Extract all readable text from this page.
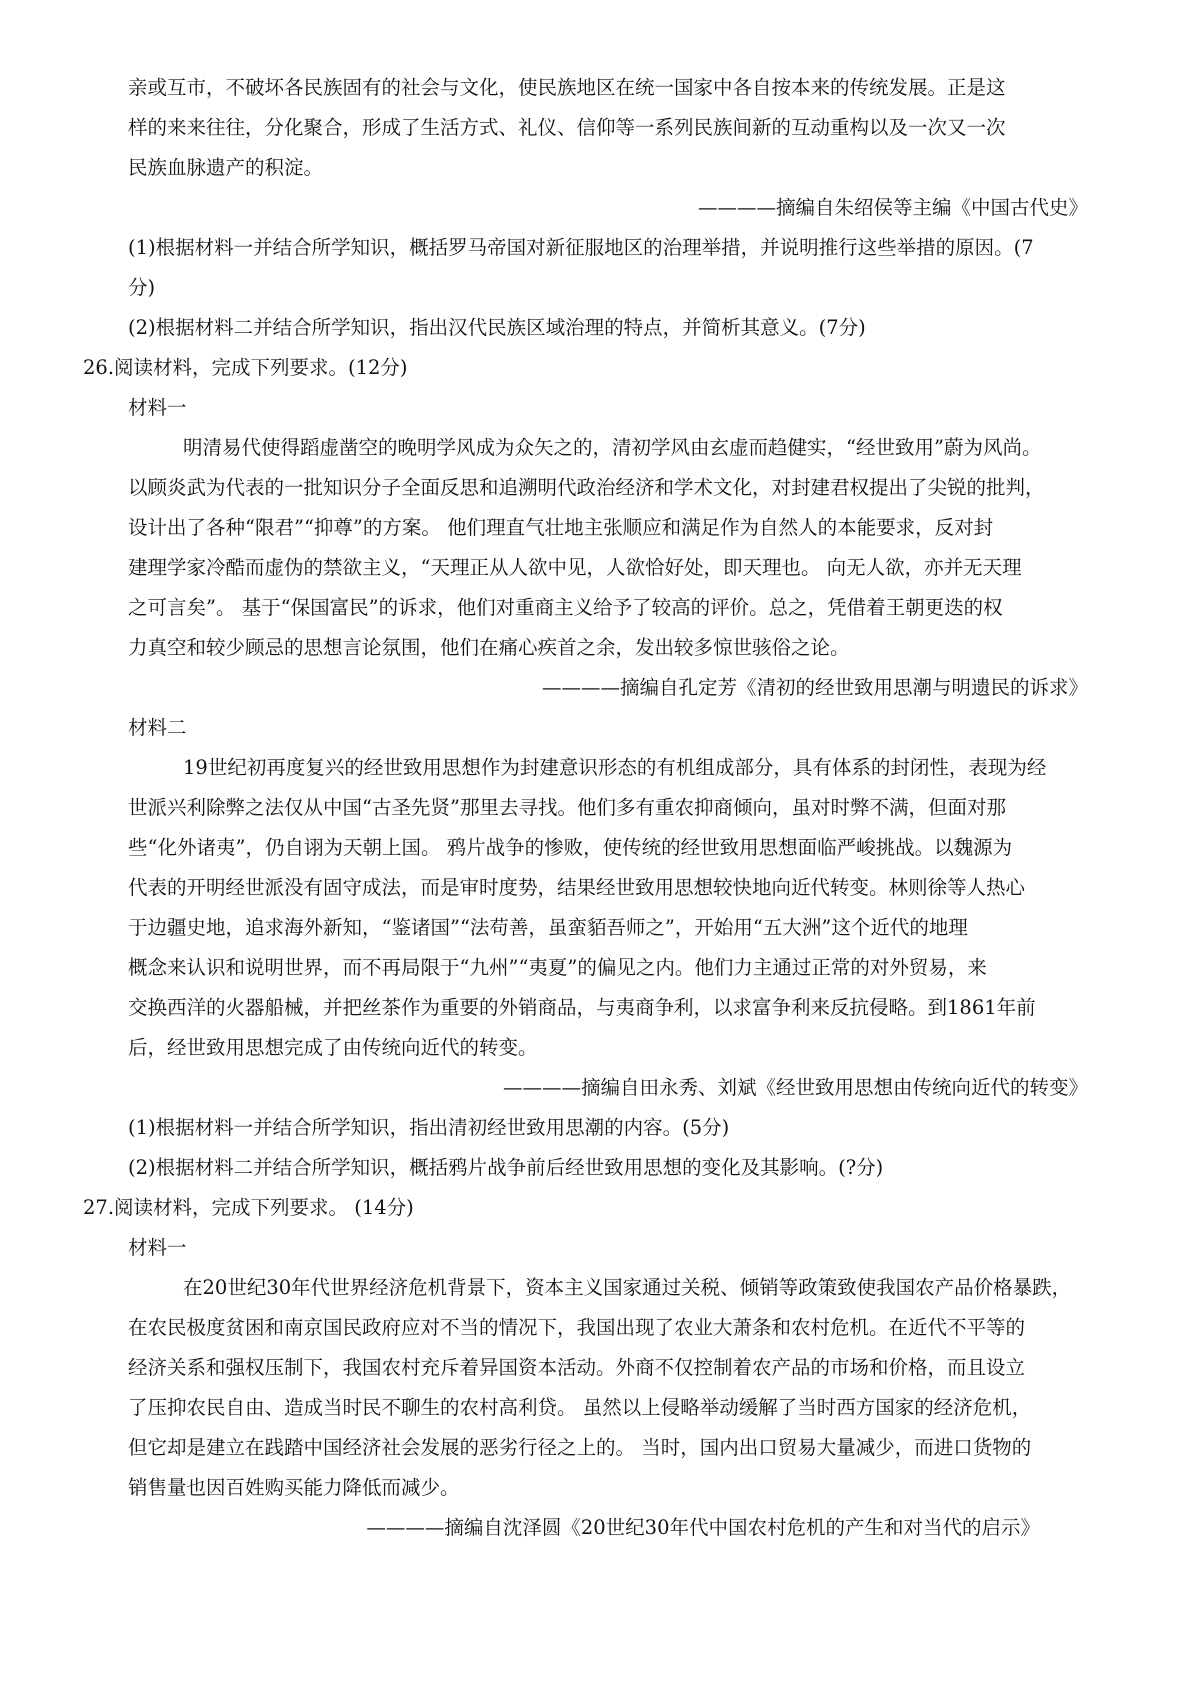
亲或互市，不破坏各民族固有的社会与文化，使民族地区在统一国家中各自按本来的传统发展。正是这
样的来来往往，分化聚合，形成了生活方式、礼仪、信仰等一系列民族间新的互动重构以及一次又一次
民族血脉遗产的积淀。
————摘编自朱绍侯等主编《中国古代史》
(1)根据材料一并结合所学知识，概括罗马帝国对新征服地区的治理举措，并说明推行这些举措的原因。(7
分)
(2)根据材料二并结合所学知识，指出汉代民族区域治理的特点，并简析其意义。(7分)
26.阅读材料，完成下列要求。(12分)
材料一
明清易代使得蹈虚凿空的晚明学风成为众矢之的，清初学风由玄虚而趋健实，“经世致用”蔚为风尚。
以顾炎武为代表的一批知识分子全面反思和追溯明代政治经济和学术文化，对封建君权提出了尖锐的批判，
设计出了各种“限君”“抑尊”的方案。 他们理直气壮地主张顺应和满足作为自然人的本能要求，反对封
建理学家冷酷而虚伪的禁欲主义，“天理正从人欲中见，人欲恰好处，即天理也。 向无人欲，亦并无天理
之可言矣”。 基于“保国富民”的诉求，他们对重商主义给予了较高的评价。总之，凭借着王朝更迭的权
力真空和较少顾忌的思想言论氛围，他们在痛心疾首之余，发出较多惊世骇俗之论。
————摘编自孔定芳《清初的经世致用思潮与明遗民的诉求》
材料二
19世纪初再度复兴的经世致用思想作为封建意识形态的有机组成部分，具有体系的封闭性，表现为经
世派兴利除弊之法仅从中国“古圣先贤”那里去寻找。他们多有重农抑商倾向，虽对时弊不满，但面对那
些“化外诸夷”，仍自诩为天朝上国。 鸦片战争的惨败，使传统的经世致用思想面临严峻挑战。以魏源为
代表的开明经世派没有固守成法，而是审时度势，结果经世致用思想较快地向近代转变。林则徐等人热心
于边疆史地，追求海外新知，“鉴诸国”“法苟善，虽蛮貊吾师之”，开始用“五大洲”这个近代的地理
概念来认识和说明世界，而不再局限于“九州”“夷夏”的偏见之内。他们力主通过正常的对外贸易，来
交换西洋的火器船械，并把丝茶作为重要的外销商品，与夷商争利，以求富争利来反抗侵略。到1861年前
后，经世致用思想完成了由传统向近代的转变。
————摘编自田永秀、刘斌《经世致用思想由传统向近代的转变》
(1)根据材料一并结合所学知识，指出清初经世致用思潮的内容。(5分)
(2)根据材料二并结合所学知识，概括鸦片战争前后经世致用思想的变化及其影响。(?分)
27.阅读材料，完成下列要求。 (14分)
材料一
在20世纪30年代世界经济危机背景下，资本主义国家通过关税、倾销等政策致使我国农产品价格暴跌，
在农民极度贫困和南京国民政府应对不当的情况下，我国出现了农业大萧条和农村危机。在近代不平等的
经济关系和强权压制下，我国农村充斥着异国资本活动。外商不仅控制着农产品的市场和价格，而且设立
了压抑农民自由、造成当时民不聊生的农村高利贷。 虽然以上侵略举动缓解了当时西方国家的经济危机，
但它却是建立在践踏中国经济社会发展的恶劣行径之上的。 当时，国内出口贸易大量减少，而进口货物的
销售量也因百姓购买能力降低而减少。
————摘编自沈泽圆《20世纪30年代中国农村危机的产生和对当代的启示》
